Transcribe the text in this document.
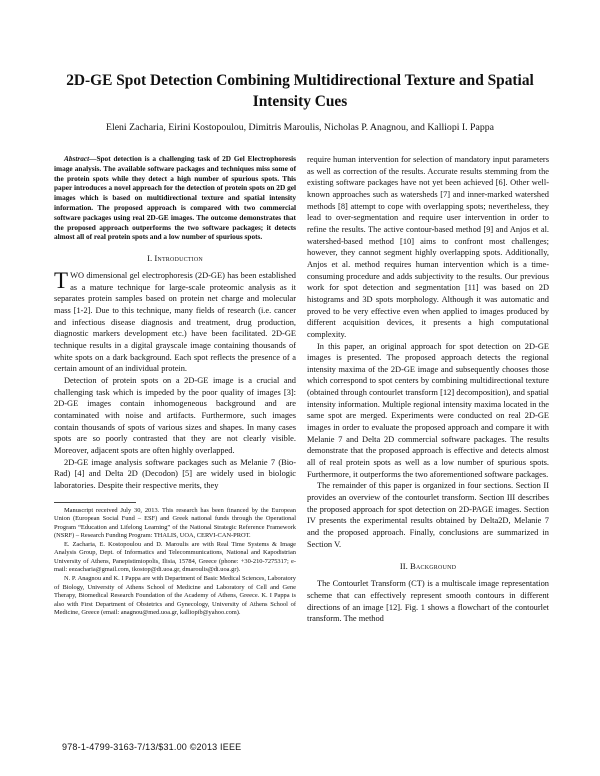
2D-GE Spot Detection Combining Multidirectional Texture and Spatial Intensity Cues
Eleni Zacharia, Eirini Kostopoulou, Dimitris Maroulis, Nicholas P. Anagnou, and Kalliopi I. Pappa

Abstract—Spot detection is a challenging task of 2D Gel Electrophoresis image analysis. The available software packages and techniques miss some of the protein spots while they detect a high number of spurious spots. This paper introduces a novel approach for the detection of protein spots on 2D gel images which is based on multidirectional texture and spatial intensity information. The proposed approach is compared with two commercial software packages using real 2D-GE images. The outcome demonstrates that the proposed approach outperforms the two software packages; it detects almost all of real protein spots and a low number of spurious spots.

I. Introduction

TWO dimensional gel electrophoresis (2D-GE) has been established as a mature technique for large-scale proteomic analysis as it separates protein samples based on protein net charge and molecular mass [1-2]. Due to this technique, many fields of research (i.e. cancer and infectious disease diagnosis and treatment, drug production, diagnostic markers development etc.) have been facilitated. 2D-GE technique results in a digital grayscale image containing thousands of white spots on a dark background. Each spot reflects the presence of a certain amount of an individual protein.

Detection of protein spots on a 2D-GE image is a crucial and challenging task which is impeded by the poor quality of images [3]: 2D-GE images contain inhomogeneous background and are contaminated with noise and artifacts. Furthermore, such images contain thousands of spots of various sizes and shapes. In many cases spots are so poorly contrasted that they are not clearly visible. Moreover, adjacent spots are often highly overlapped.

2D-GE image analysis software packages such as Melanie 7 (Bio-Rad) [4] and Delta 2D (Decodon) [5] are widely used in biologic laboratories. Despite their respective merits, they

Manuscript received July 30, 2013. This research has been financed by the European Union (European Social Fund – ESF) and Greek national funds through the Operational Program “Education and Lifelong Learning” of the National Strategic Reference Framework (NSRF) – Research Funding Program: THALIS, UOA, CERVI-CAN-PROT.

E. Zacharia, E. Kostopoulou and D. Maroulis are with Real Time Systems & Image Analysis Group, Dept. of Informatics and Telecommunications, National and Kapodistrian University of Athens, Panepistimiopolis, Ilisia, 15784, Greece (phone: +30-210-7275317; e-mail: eezacharia@gmail.com, ikostop@di.uoa.gr, dmaroulis@di.uoa.gr).

N. P. Anagnou and K. I Pappa are with Department of Basic Medical Sciences, Laboratory of Biology, University of Athens School of Medicine and Laboratory of Cell and Gene Therapy, Biomedical Research Foundation of the Academy of Athens, Greece. K. I Pappa is also with First Department of Obstetrics and Gynecology, University of Athens School of Medicine, Greece (email: anagnou@med.uoa.gr, kalliopib@yahoo.com).

require human intervention for selection of mandatory input parameters as well as correction of the results. Accurate results stemming from the existing software packages have not yet been achieved [6]. Other well-known approaches such as watersheds [7] and inner-marked watershed methods [8] attempt to cope with overlapping spots; nevertheless, they lead to over-segmentation and require user intervention in order to refine the results. The active contour-based method [9] and Anjos et al. watershed-based method [10] aims to confront most challenges; however, they cannot segment highly overlapping spots. Additionally, Anjos et al. method requires human intervention which is a time-consuming procedure and adds subjectivity to the results. Our previous work for spot detection and segmentation [11] was based on 2D histograms and 3D spots morphology. Although it was automatic and proved to be very effective even when applied to images produced by different acquisition devices, it presents a high computational complexity.

In this paper, an original approach for spot detection on 2D-GE images is presented. The proposed approach detects the regional intensity maxima of the 2D-GE image and subsequently chooses those which correspond to spot centers by combining multidirectional texture (obtained through contourlet transform [12] decomposition), and spatial intensity information. Multiple regional intensity maxima located in the same spot are merged. Experiments were conducted on real 2D-GE images in order to evaluate the proposed approach and compare it with Melanie 7 and Delta 2D commercial software packages. The results demonstrate that the proposed approach is effective and detects almost all of real protein spots as well as a low number of spurious spots. Furthermore, it outperforms the two aforementioned software packages.

The remainder of this paper is organized in four sections. Section II provides an overview of the contourlet transform. Section III describes the proposed approach for spot detection on 2D-PAGE images. Section IV presents the experimental results obtained by Delta2D, Melanie 7 and the proposed approach. Finally, conclusions are summarized in Section V.

II. Background

The Contourlet Transform (CT) is a multiscale image representation scheme that can effectively represent smooth contours in different directions of an image [12]. Fig. 1 shows a flowchart of the contourlet transform. The method

978-1-4799-3163-7/13/$31.00 ©2013 IEEE
